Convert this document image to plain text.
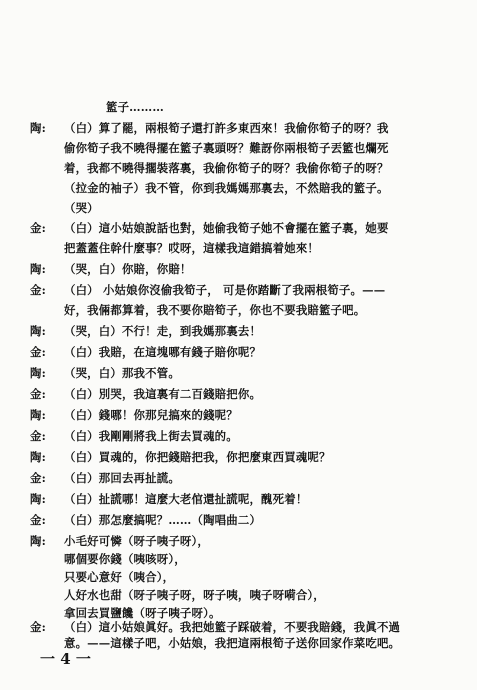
籃子………
陶: （白）算了罷，兩根筍子還打許多東西來！我偷你筍子的呀？我
偷你筍子我不曉得擺在籃子裏頭呀？難訝你兩根筍子丟籃也爛死
着，我都不曉得擱裝落裏，我偷你筍子的呀？我偷你筍子的呀？
（拉金的袖子）我不管，你到我媽媽那裏去，不然賠我的籃子。
（哭）
金: （白）這小姑娘說話也對，她偷我筍子她不會擺在籃子裏，她要
把蓋蓋住幹什麼事？哎呀，這樣我這錯搞着她來！
陶: （哭，白）你賠，你賠！
金: （白） 小姑娘你沒偷我筍子， 可是你踏斷了我兩根筍子。——
好，我倆都算着，我不要你賠筍子，你也不要我賠籃子吧。
陶: （哭，白）不行！走，到我媽那裏去！
金: （白）我賠，在這塊哪有錢子賠你呢？
陶: （哭，白）那我不管。
金: （白）別哭，我這裏有二百錢賠把你。
陶: （白）錢哪！你那兒搞來的錢呢？
金: （白）我剛剛將我上街去買魂的。
陶: （白）買魂的，你把錢賠把我，你把麼東西買魂呢？
金: （白）那回去再扯謊。
陶: （白）扯謊哪！這麼大老倌還扯謊呢，醜死着！
金: （白）那怎麼搞呢？……（陶唱曲二）
陶: 小毛好可憐（呀子咦子呀），
哪個要你錢（咦咳呀），
只要心意好（咦合），
人好水也甜（呀子咦子呀，呀子咦，咦子呀嗬合），
拿回去買鹽饞（呀子咦子呀）。
金: （白）這小姑娘眞好。我把她籃子踩破着，不要我賠錢，我眞不過
意。——這樣子吧，小姑娘，我把這兩根筍子送你回家作菜吃吧。
一 4 一
